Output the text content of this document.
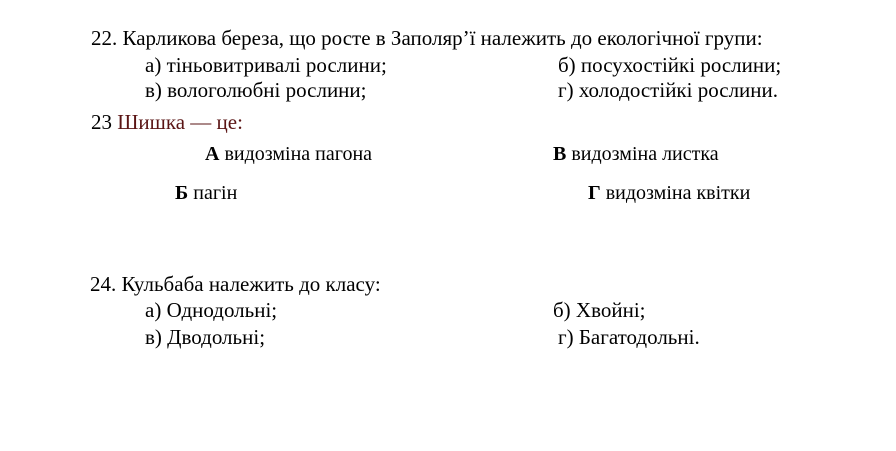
22. Карликова береза, що росте в Заполяр’ї належить до екологічної групи:
а) тіньовитривалі рослини;	б) посухостійкі рослини;
в) вологолюбні рослини;	г) холодостійкі рослини.
23 Шишка — це:
А видозміна пагона	В видозміна листка
Б пагін	Г видозміна квітки
24. Кульбаба належить до класу:
а) Однодольні;	б) Хвойні;
в) Дводольні;	г) Багатодольні.
